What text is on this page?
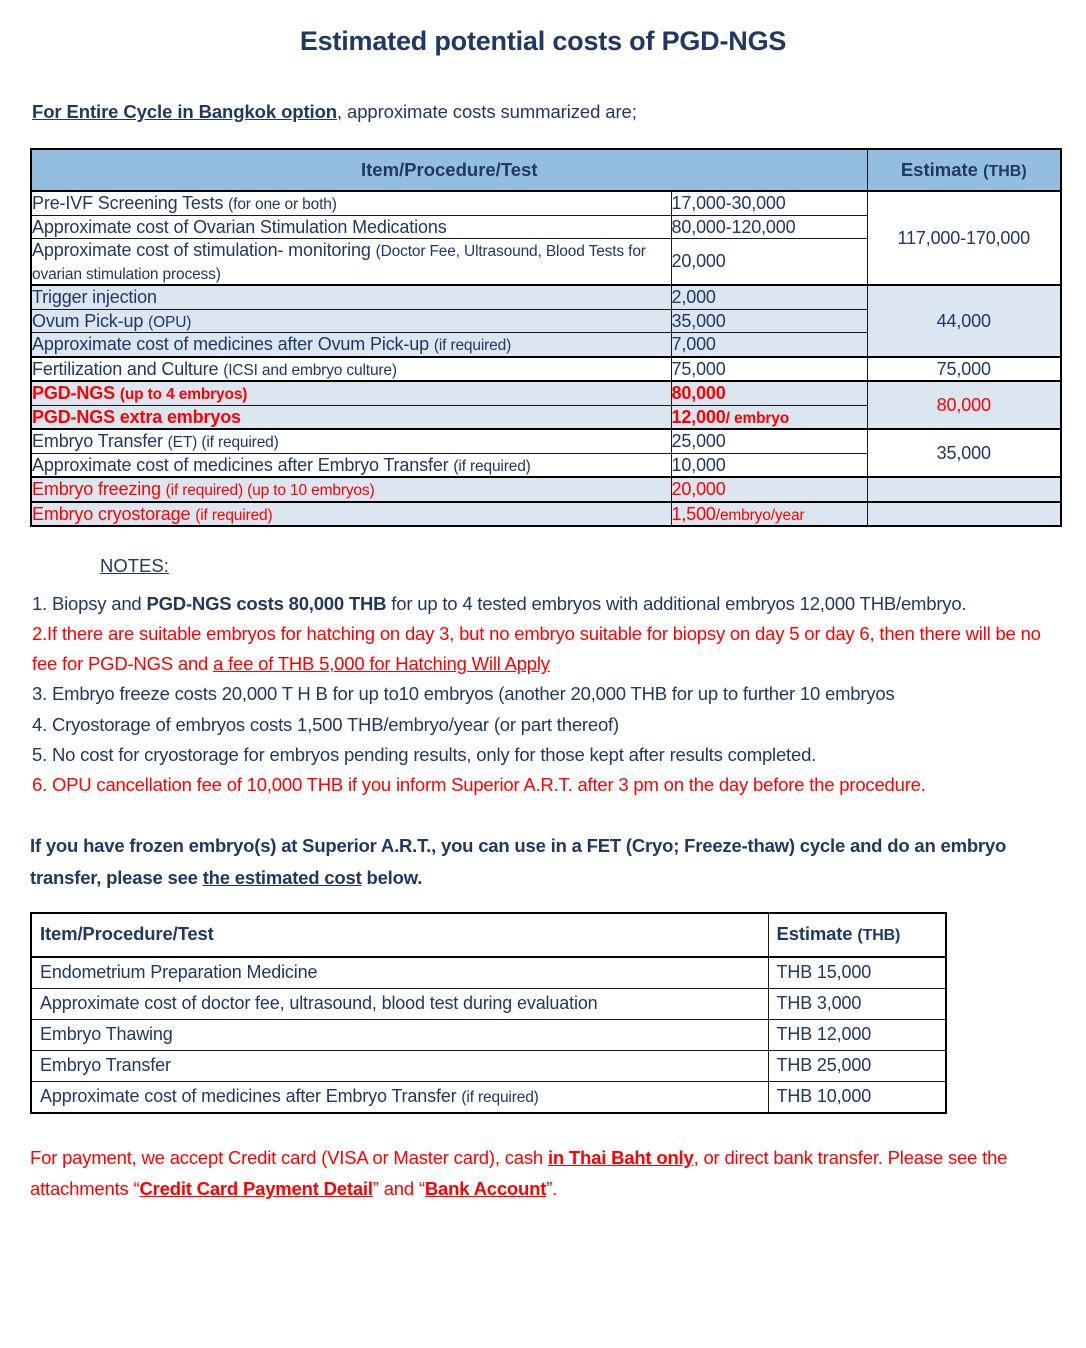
Estimated potential costs of PGD-NGS
For Entire Cycle in Bangkok option, approximate costs summarized are;
Item/Procedure/Test		Estimate (THB)
Pre-IVF Screening Tests (for one or both)	17,000-30,000	117,000-170,000
Approximate cost of Ovarian Stimulation Medications	80,000-120,000	
Approximate cost of stimulation- monitoring (Doctor Fee, Ultrasound, Blood Tests for ovarian stimulation process)	20,000	
Trigger injection	2,000	44,000
Ovum Pick-up (OPU)	35,000	
Approximate cost of medicines after Ovum Pick-up (if required)	7,000	
Fertilization and Culture (ICSI and embryo culture)	75,000	75,000
PGD-NGS (up to 4 embryos)	80,000	80,000
PGD-NGS extra embryos	12,000/ embryo	
Embryo Transfer (ET) (if required)	25,000	35,000
Approximate cost of medicines after Embryo Transfer (if required)	10,000	
Embryo freezing (if required) (up to 10 embryos)	20,000	
Embryo cryostorage (if required)	1,500/embryo/year	
NOTES:
1. Biopsy and PGD-NGS costs 80,000 THB for up to 4 tested embryos with additional embryos 12,000 THB/embryo.
2.If there are suitable embryos for hatching on day 3, but no embryo suitable for biopsy on day 5 or day 6, then there will be no fee for PGD-NGS and a fee of THB 5,000 for Hatching Will Apply
3. Embryo freeze costs 20,000 T H B for up to10 embryos (another 20,000 THB for up to further 10 embryos
4. Cryostorage of embryos costs 1,500 THB/embryo/year (or part thereof)
5. No cost for cryostorage for embryos pending results, only for those kept after results completed.
6. OPU cancellation fee of 10,000 THB if you inform Superior A.R.T. after 3 pm on the day before the procedure.
If you have frozen embryo(s) at Superior A.R.T., you can use in a FET (Cryo; Freeze-thaw) cycle and do an embryo transfer, please see the estimated cost below.
Item/Procedure/Test	Estimate (THB)
Endometrium Preparation Medicine	THB 15,000
Approximate cost of doctor fee, ultrasound, blood test during evaluation	THB 3,000
Embryo Thawing	THB 12,000
Embryo Transfer	THB 25,000
Approximate cost of medicines after Embryo Transfer (if required)	THB 10,000
For payment, we accept Credit card (VISA or Master card), cash in Thai Baht only, or direct bank transfer. Please see the attachments “Credit Card Payment Detail” and “Bank Account”.
